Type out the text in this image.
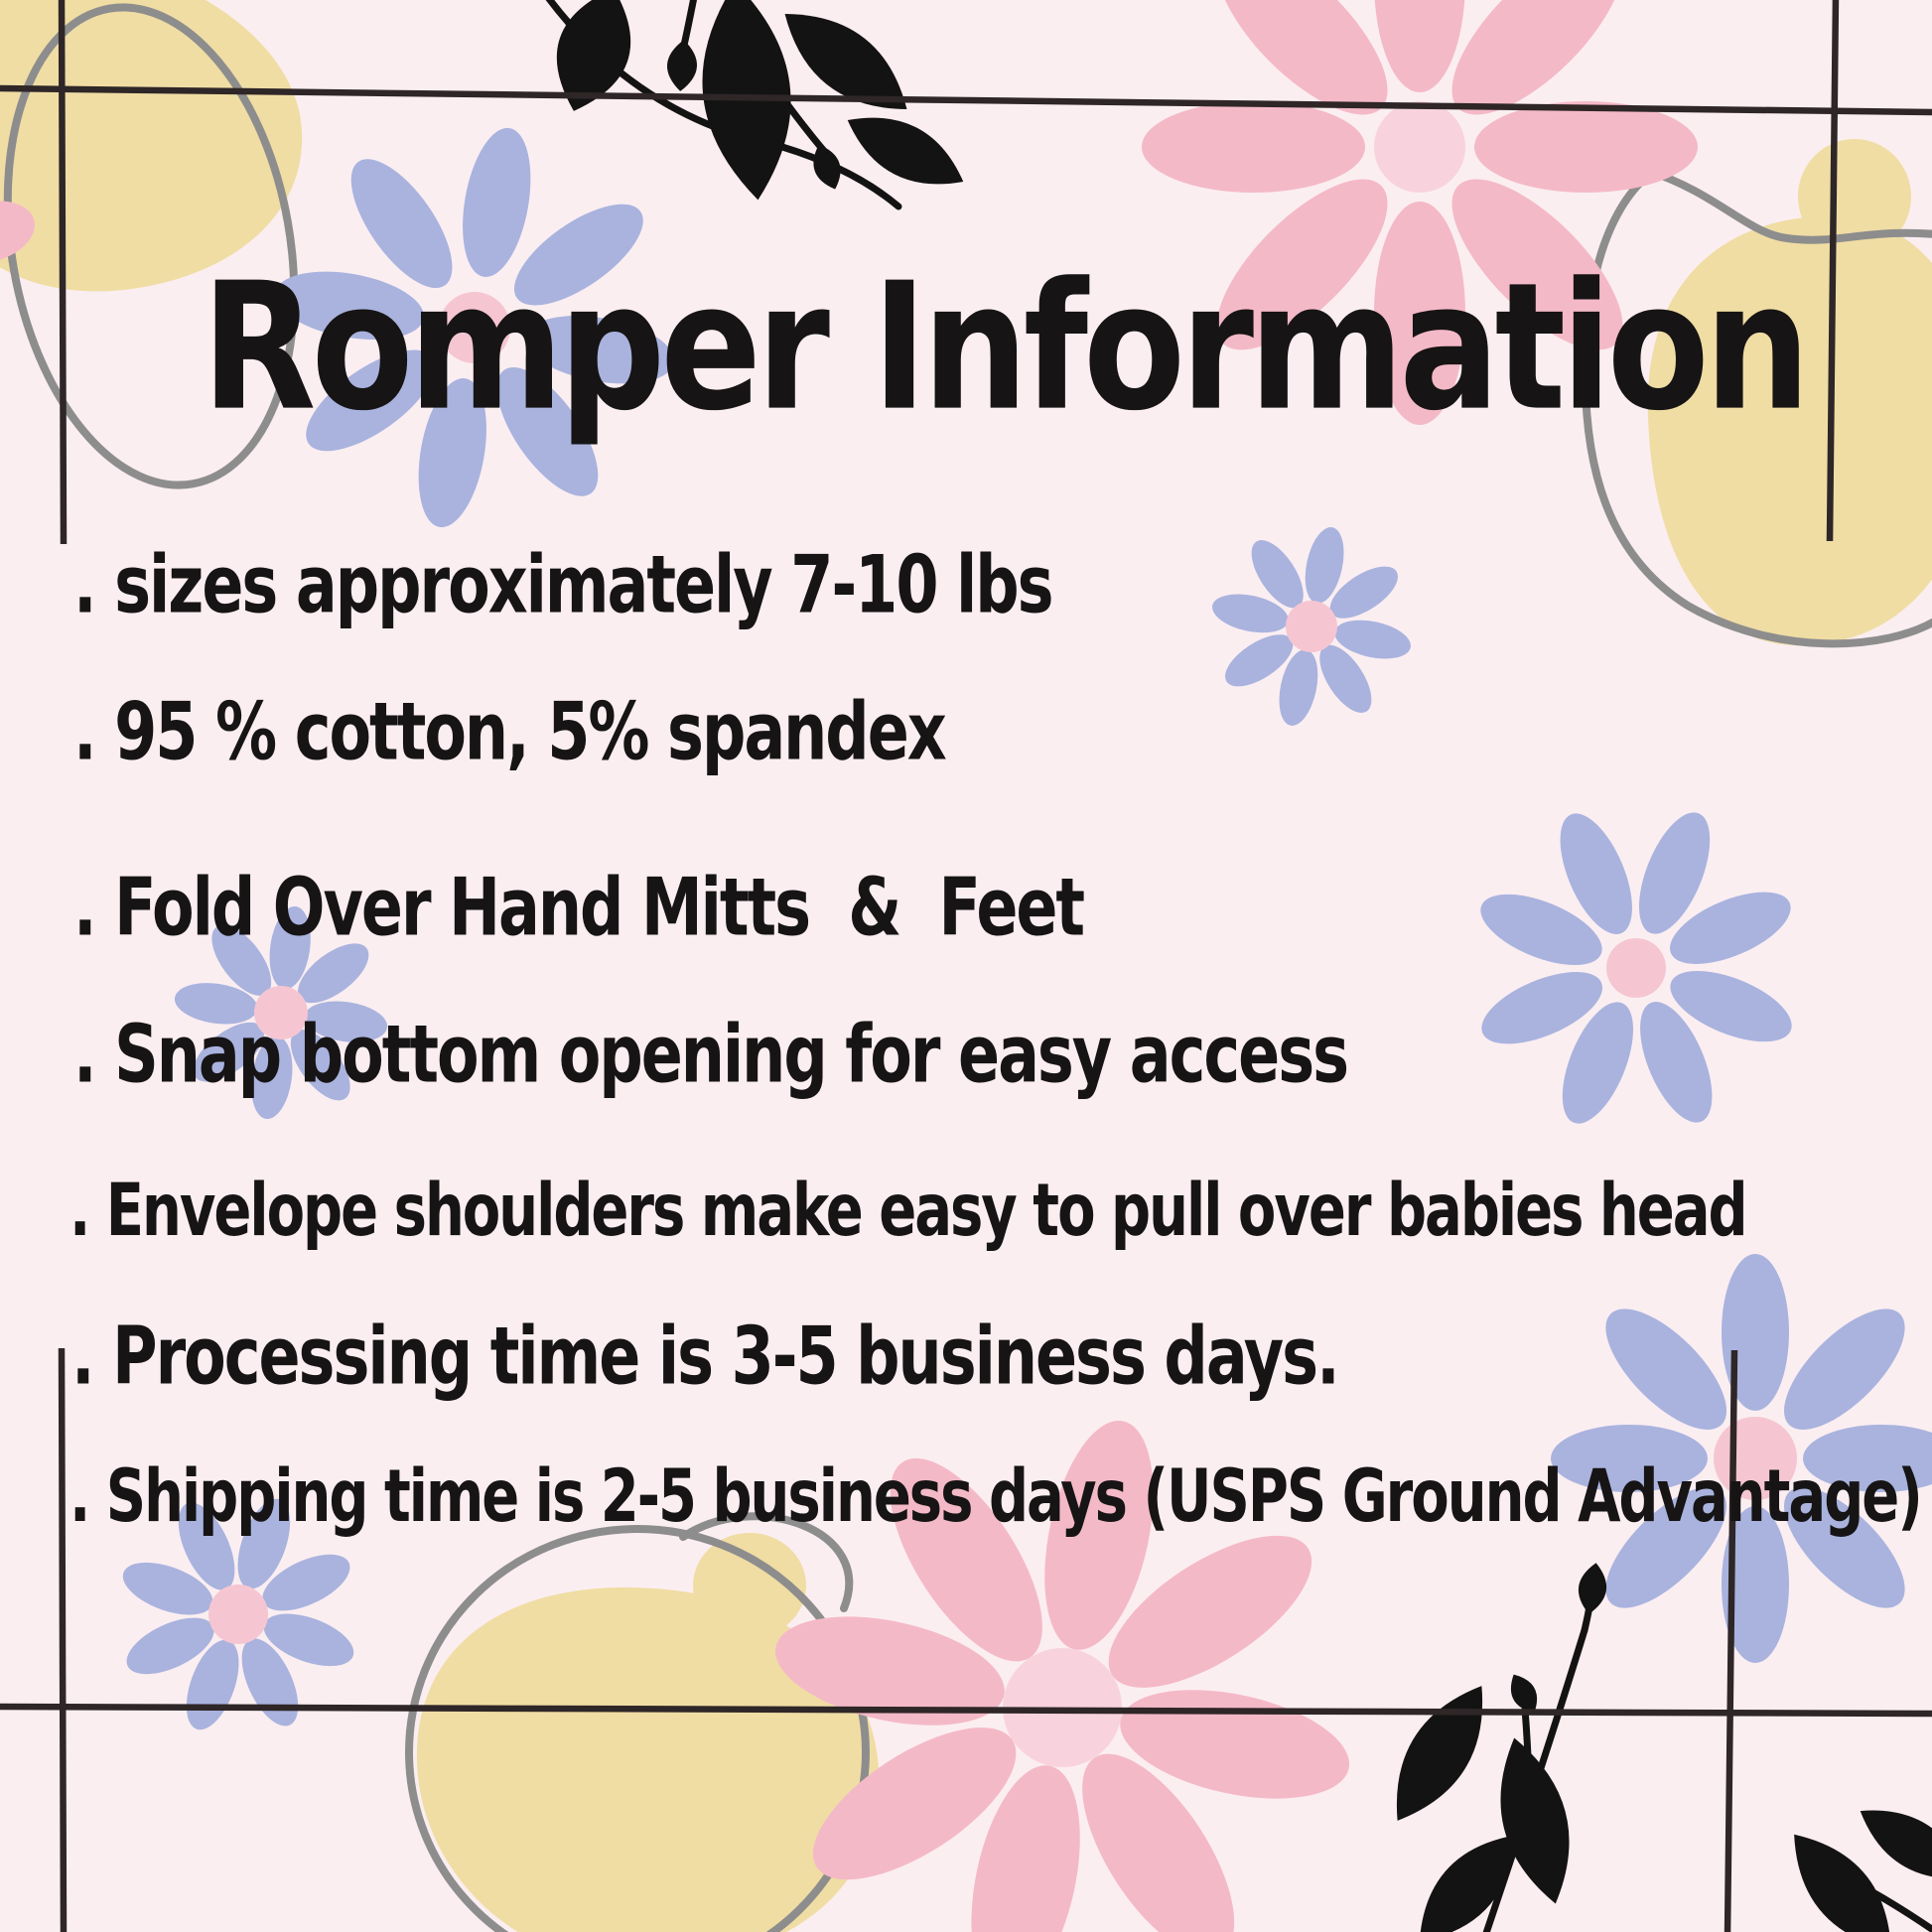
Romper Information
. sizes approximately 7-10 lbs
. 95 % cotton, 5% spandex
. Fold Over Hand Mitts  &  Feet
. Snap bottom opening for easy access
. Envelope shoulders make easy to pull over babies head
. Processing time is 3-5 business days.
. Shipping time is 2-5 business days (USPS Ground Advantage)
